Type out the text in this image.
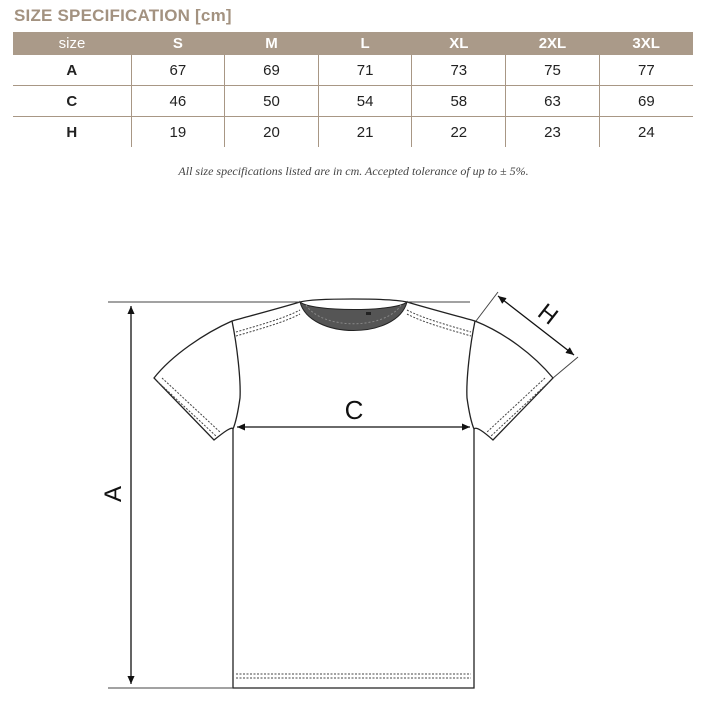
SIZE SPECIFICATION [cm]
size	S	M	L	XL	2XL	3XL
A	67	69	71	73	75	77
C	46	50	54	58	63	69
H	19	20	21	22	23	24
All size specifications listed are in cm. Accepted tolerance of up to ± 5%.
A
C
H
